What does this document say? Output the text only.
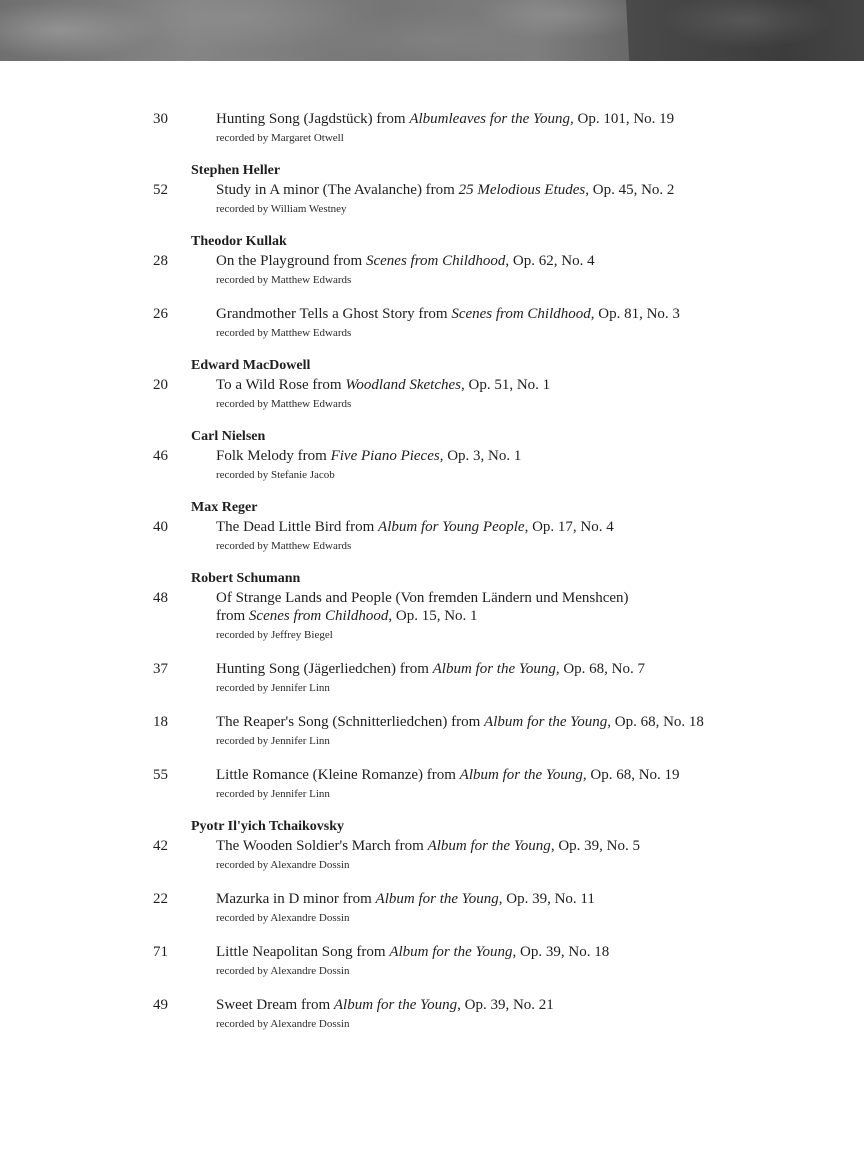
30	Hunting Song (Jagdstück) from Albumleaves for the Young, Op. 101, No. 19
recorded by Margaret Otwell
Stephen Heller
52	Study in A minor (The Avalanche) from 25 Melodious Etudes, Op. 45, No. 2
recorded by William Westney
Theodor Kullak
28	On the Playground from Scenes from Childhood, Op. 62, No. 4
recorded by Matthew Edwards
26	Grandmother Tells a Ghost Story from Scenes from Childhood, Op. 81, No. 3
recorded by Matthew Edwards
Edward MacDowell
20	To a Wild Rose from Woodland Sketches, Op. 51, No. 1
recorded by Matthew Edwards
Carl Nielsen
46	Folk Melody from Five Piano Pieces, Op. 3, No. 1
recorded by Stefanie Jacob
Max Reger
40	The Dead Little Bird from Album for Young People, Op. 17, No. 4
recorded by Matthew Edwards
Robert Schumann
48	Of Strange Lands and People (Von fremden Ländern und Menshcen)
from Scenes from Childhood, Op. 15, No. 1
recorded by Jeffrey Biegel
37	Hunting Song (Jägerliedchen) from Album for the Young, Op. 68, No. 7
recorded by Jennifer Linn
18	The Reaper's Song (Schnitterliedchen) from Album for the Young, Op. 68, No. 18
recorded by Jennifer Linn
55	Little Romance (Kleine Romanze) from Album for the Young, Op. 68, No. 19
recorded by Jennifer Linn
Pyotr Il'yich Tchaikovsky
42	The Wooden Soldier's March from Album for the Young, Op. 39, No. 5
recorded by Alexandre Dossin
22	Mazurka in D minor from Album for the Young, Op. 39, No. 11
recorded by Alexandre Dossin
71	Little Neapolitan Song from Album for the Young, Op. 39, No. 18
recorded by Alexandre Dossin
49	Sweet Dream from Album for the Young, Op. 39, No. 21
recorded by Alexandre Dossin
